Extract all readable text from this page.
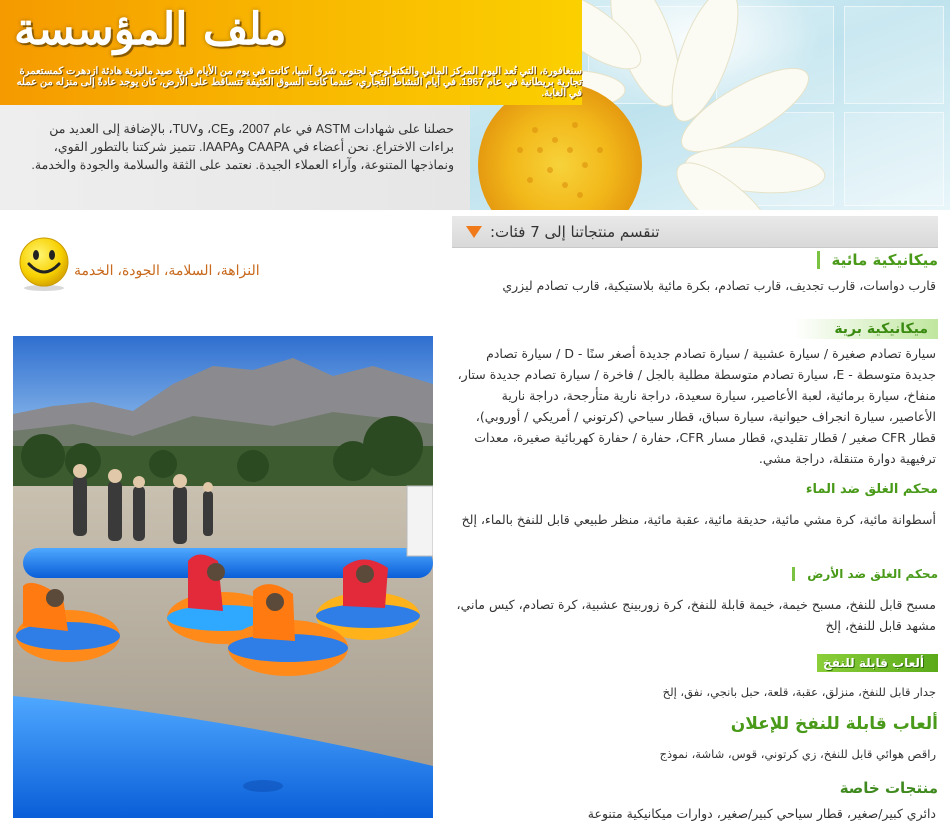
ملف المؤسسة
سنغافورة، التي تُعد اليوم المركز المالي والتكنولوجي لجنوب شرق آسيا، كانت في يوم من الأيام قرية صيد ماليزية هادئة ازدهرت كمستعمرة تجارية بريطانية في عام 1967. في أيام النشاط التجاري، عندما كانت السوق الكثيفة تتساقط على الأرض، كان يوجد عادةً إلى منزله من عمله في الغابة.
حصلنا على شهادات ASTM في عام 2007، وCE، وTUV، بالإضافة إلى العديد من براءات الاختراع. نحن أعضاء في CAAPA وIAAPA. تتميز شركتنا بالتطور القوي، ونماذجها المتنوعة، وآراء العملاء الجيدة. نعتمد على الثقة والسلامة والجودة والخدمة.
النزاهة، السلامة، الجودة، الخدمة
تنقسم منتجاتنا إلى 7 فئات:
ميكانيكية مائية
قارب دواسات، قارب تجديف، قارب تصادم، بكرة مائية بلاستيكية، قارب تصادم ليزري
ميكانيكية برية
سيارة تصادم صغيرة / سيارة عشبية / سيارة تصادم جديدة أصغر سنًا - D / سيارة تصادم جديدة متوسطة - E، سيارة تصادم متوسطة مطلية بالجل / فاخرة / سيارة تصادم جديدة ستار، منفاخ، سيارة برمائية، لعبة الأعاصير، سيارة سعيدة، دراجة نارية متأرجحة، دراجة نارية الأعاصير، سيارة انجراف حيوانية، سيارة سباق، قطار سياحي (كرتوني / أمريكي / أوروبي)، قطار CFR صغير / قطار تقليدي، قطار مسار CFR، حفارة / حفارة كهربائية صغيرة، معدات ترفيهية دوارة متنقلة، دراجة مشي.
محكم الغلق ضد الماء
أسطوانة مائية، كرة مشي مائية، حديقة مائية، عقبة مائية، منظر طبيعي قابل للنفخ بالماء، إلخ
محكم الغلق ضد الأرض
مسبح قابل للنفخ، مسبح خيمة، خيمة قابلة للنفخ، كرة زوربينج عشبية، كرة تصادم، كيس ماني، مشهد قابل للنفخ، إلخ
ألعاب قابلة للنفخ
جدار قابل للنفخ، منزلق، عقبة، قلعة، حبل بانجي، نفق، إلخ
ألعاب قابلة للنفخ للإعلان
راقص هوائي قابل للنفخ، زي كرتوني، قوس، شاشة، نموذج
منتجات خاصة
دائري كبير/صغير، قطار سياحي كبير/صغير، دوارات ميكانيكية متنوعة
